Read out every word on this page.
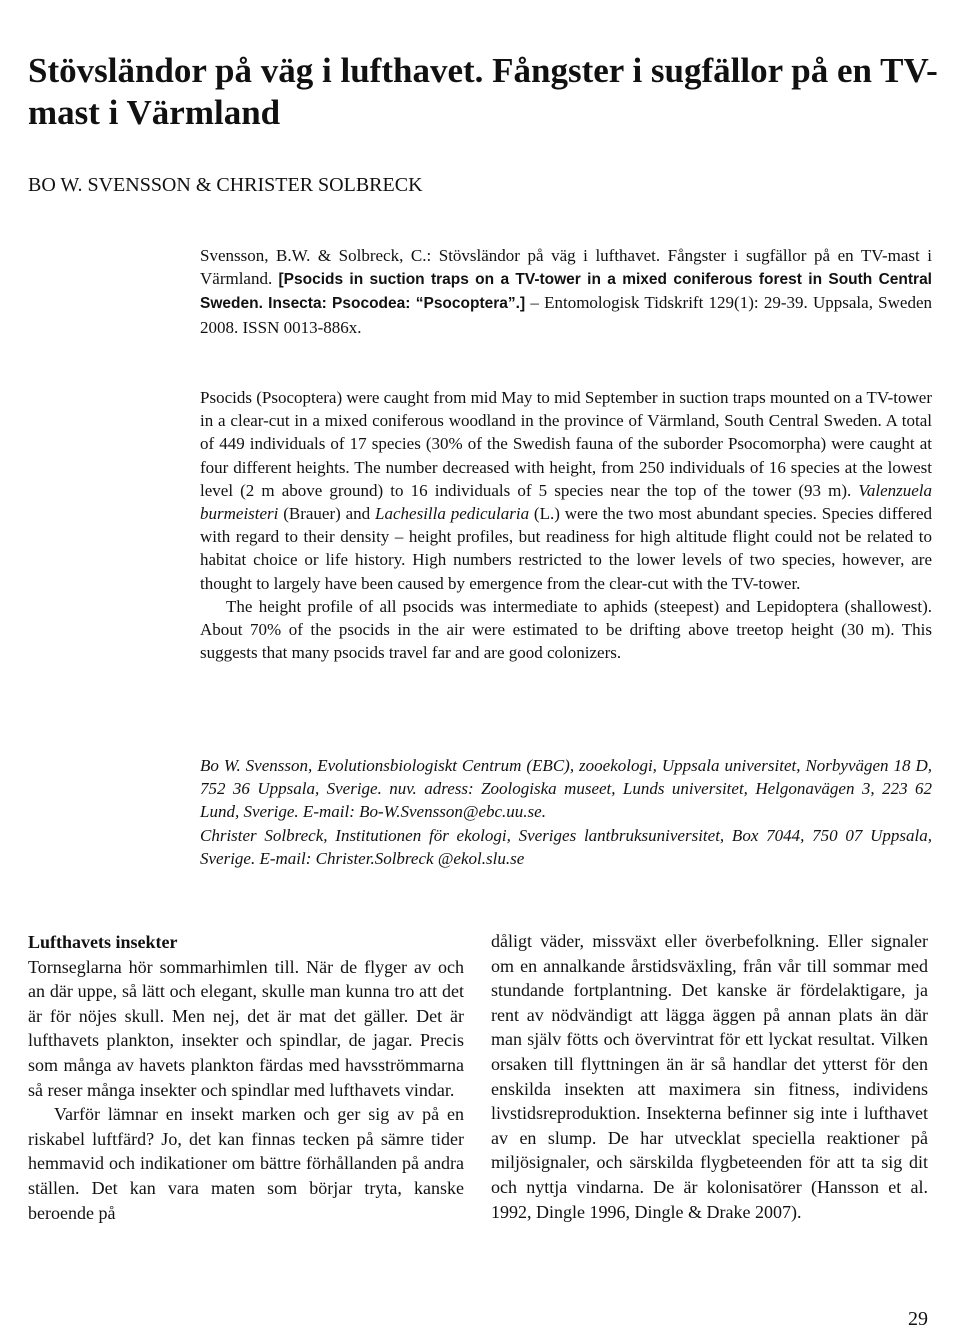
Stövsländor på väg i lufthavet. Fångster i sugfällor på en TV-mast i Värmland
BO W. SVENSSON & CHRISTER SOLBRECK
Svensson, B.W. & Solbreck, C.: Stövsländor på väg i lufthavet. Fångster i sugfällor på en TV-mast i Värmland. [Psocids in suction traps on a TV-tower in a mixed coniferous forest in South Central Sweden. Insecta: Psocodea: “Psocoptera”.] – Entomologisk Tidskrift 129(1): 29-39. Uppsala, Sweden 2008. ISSN 0013-886x.

Psocids (Psocoptera) were caught from mid May to mid September in suction traps mounted on a TV-tower in a clear-cut in a mixed coniferous woodland in the province of Värmland, South Central Sweden. A total of 449 individuals of 17 species (30% of the Swedish fauna of the suborder Psocomorpha) were caught at four different heights. The number decreased with height, from 250 individuals of 16 species at the lowest level (2 m above ground) to 16 individuals of 5 species near the top of the tower (93 m). Valenzuela burmeisteri (Brauer) and Lachesilla pedicularia (L.) were the two most abundant species. Species differed with regard to their density – height profiles, but readiness for high altitude flight could not be related to habitat choice or life history. High numbers restricted to the lower levels of two species, however, are thought to largely have been caused by emergence from the clear-cut with the TV-tower.

The height profile of all psocids was intermediate to aphids (steepest) and Lepidoptera (shallowest). About 70% of the psocids in the air were estimated to be drifting above treetop height (30 m). This suggests that many psocids travel far and are good colonizers.

Bo W. Svensson, Evolutionsbiologiskt Centrum (EBC), zooekologi, Uppsala universitet, Norbyvägen 18 D, 752 36 Uppsala, Sverige. nuv. adress: Zoologiska museet, Lunds universitet, Helgonavägen 3, 223 62 Lund, Sverige. E-mail: Bo-W.Svensson@ebc.uu.se.

Christer Solbreck, Institutionen för ekologi, Sveriges lantbruksuniversitet, Box 7044, 750 07 Uppsala, Sverige. E-mail: Christer.Solbreck @ekol.slu.se

Lufthavets insekter

Tornseglarna hör sommarhimlen till. När de flyger av och an där uppe, så lätt och elegant, skulle man kunna tro att det är för nöjes skull. Men nej, det är mat det gäller. Det är lufthavets plankton, insekter och spindlar, de jagar. Precis som många av havets plankton färdas med havsströmmarna så reser många insekter och spindlar med lufthavets vindar.

Varför lämnar en insekt marken och ger sig av på en riskabel luftfärd? Jo, det kan finnas tecken på sämre tider hemmavid och indikationer om bättre förhållanden på andra ställen. Det kan vara maten som börjar tryta, kanske beroende på

dåligt väder, missväxt eller överbefolkning. Eller signaler om en annalkande årstidsväxling, från vår till sommar med stundande fortplantning. Det kanske är fördelaktigare, ja rent av nödvändigt att lägga äggen på annan plats än där man själv fötts och övervintrat för ett lyckat resultat. Vilken orsaken till flyttningen än är så handlar det ytterst för den enskilda insekten att maximera sin fitness, individens livstidsreproduktion. Insekterna befinner sig inte i lufthavet av en slump. De har utvecklat speciella reaktioner på miljösignaler, och särskilda flygbeteenden för att ta sig dit och nyttja vindarna. De är kolonisatörer (Hansson et al. 1992, Dingle 1996, Dingle & Drake 2007).

29
